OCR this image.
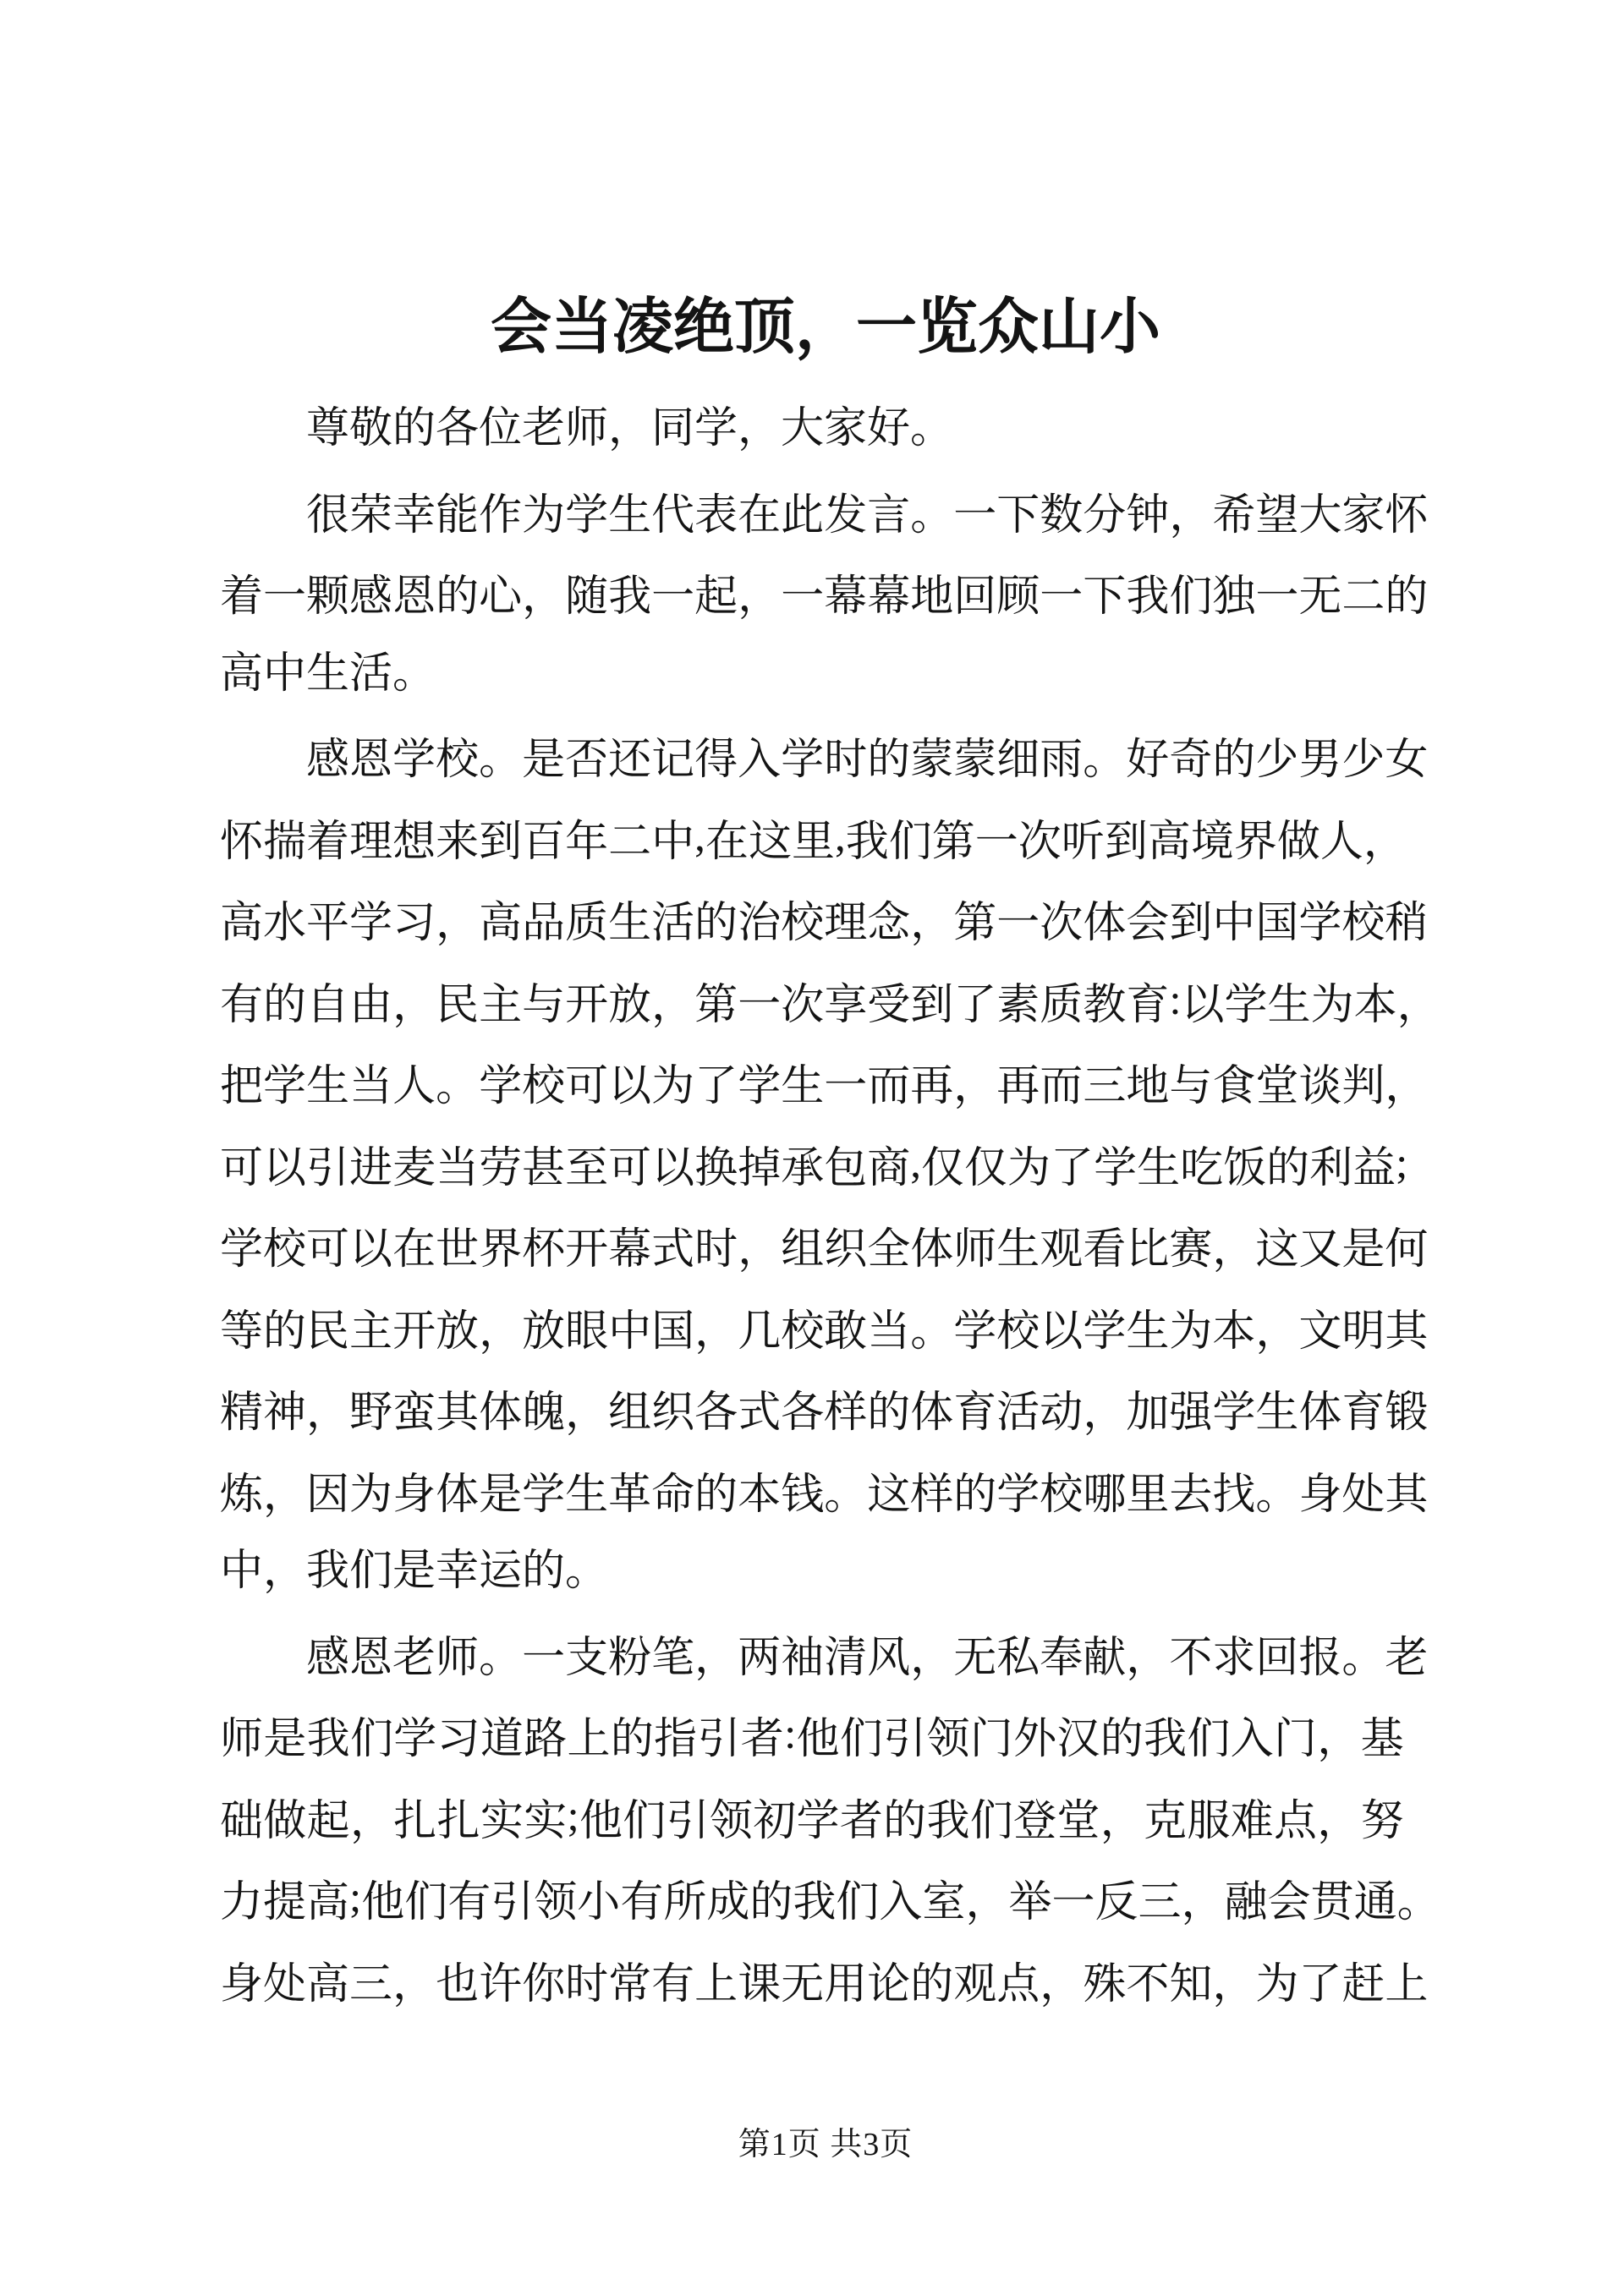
会当凌绝顶，一览众山小
尊敬的各位老师，同学，大家好。
很 荣 幸 能 作 为 学 生 代 表 在 此 发 言 。 一 下 数 分 钟 ， 希 望 大 家 怀
着 一 颗 感 恩 的 心 ， 随 我 一 起 ， 一 幕 幕 地 回 顾 一 下 我 们 独 一 无 二 的
高中生活。
感 恩 学 校 。 是 否 还 记 得 入 学 时 的 蒙 蒙 细 雨 。 好 奇 的 少 男 少 女
怀 揣 着 理 想 来 到 百 年 二 中 , 在 这 里 , 我 们 第 一 次 听 到 高 境 界 做 人 ，
高 水 平 学 习 ， 高 品 质 生 活 的 治 校 理 念 ， 第 一 次 体 会 到 中 国 学 校 稍
有 的 自 由 ， 民 主 与 开 放 ， 第 一 次 享 受 到 了 素 质 教 育 : 以 学 生 为 本 ，
把 学 生 当 人 。 学 校 可 以 为 了 学 生 一 而 再 ， 再 而 三 地 与 食 堂 谈 判 ，
可 以 引 进 麦 当 劳 甚 至 可 以 换 掉 承 包 商 , 仅 仅 为 了 学 生 吃 饭 的 利 益 ;
学 校 可 以 在 世 界 杯 开 幕 式 时 ， 组 织 全 体 师 生 观 看 比 赛 ， 这 又 是 何
等 的 民 主 开 放 ， 放 眼 中 国 ， 几 校 敢 当 。 学 校 以 学 生 为 本 ， 文 明 其
精 神 ， 野 蛮 其 体 魄 ， 组 织 各 式 各 样 的 体 育 活 动 ， 加 强 学 生 体 育 锻
炼 ， 因 为 身 体 是 学 生 革 命 的 本 钱 。 这 样 的 学 校 哪 里 去 找 。 身 处 其
中，我们是幸运的。
感 恩 老 师 。 一 支 粉 笔 ， 两 袖 清 风 ， 无 私 奉 献 ， 不 求 回 报 。 老
师 是 我 们 学 习 道 路 上 的 指 引 者 : 他 们 引 领 门 外 汉 的 我 们 入 门 ， 基
础 做 起 ， 扎 扎 实 实 ; 他 们 引 领 初 学 者 的 我 们 登 堂 ， 克 服 难 点 ， 努
力 提 高 ; 他 们 有 引 领 小 有 所 成 的 我 们 入 室 ， 举 一 反 三 ， 融 会 贯 通 。
身 处 高 三 ， 也 许 你 时 常 有 上 课 无 用 论 的 观 点 ， 殊 不 知 ， 为 了 赶 上
第1页 共3页
